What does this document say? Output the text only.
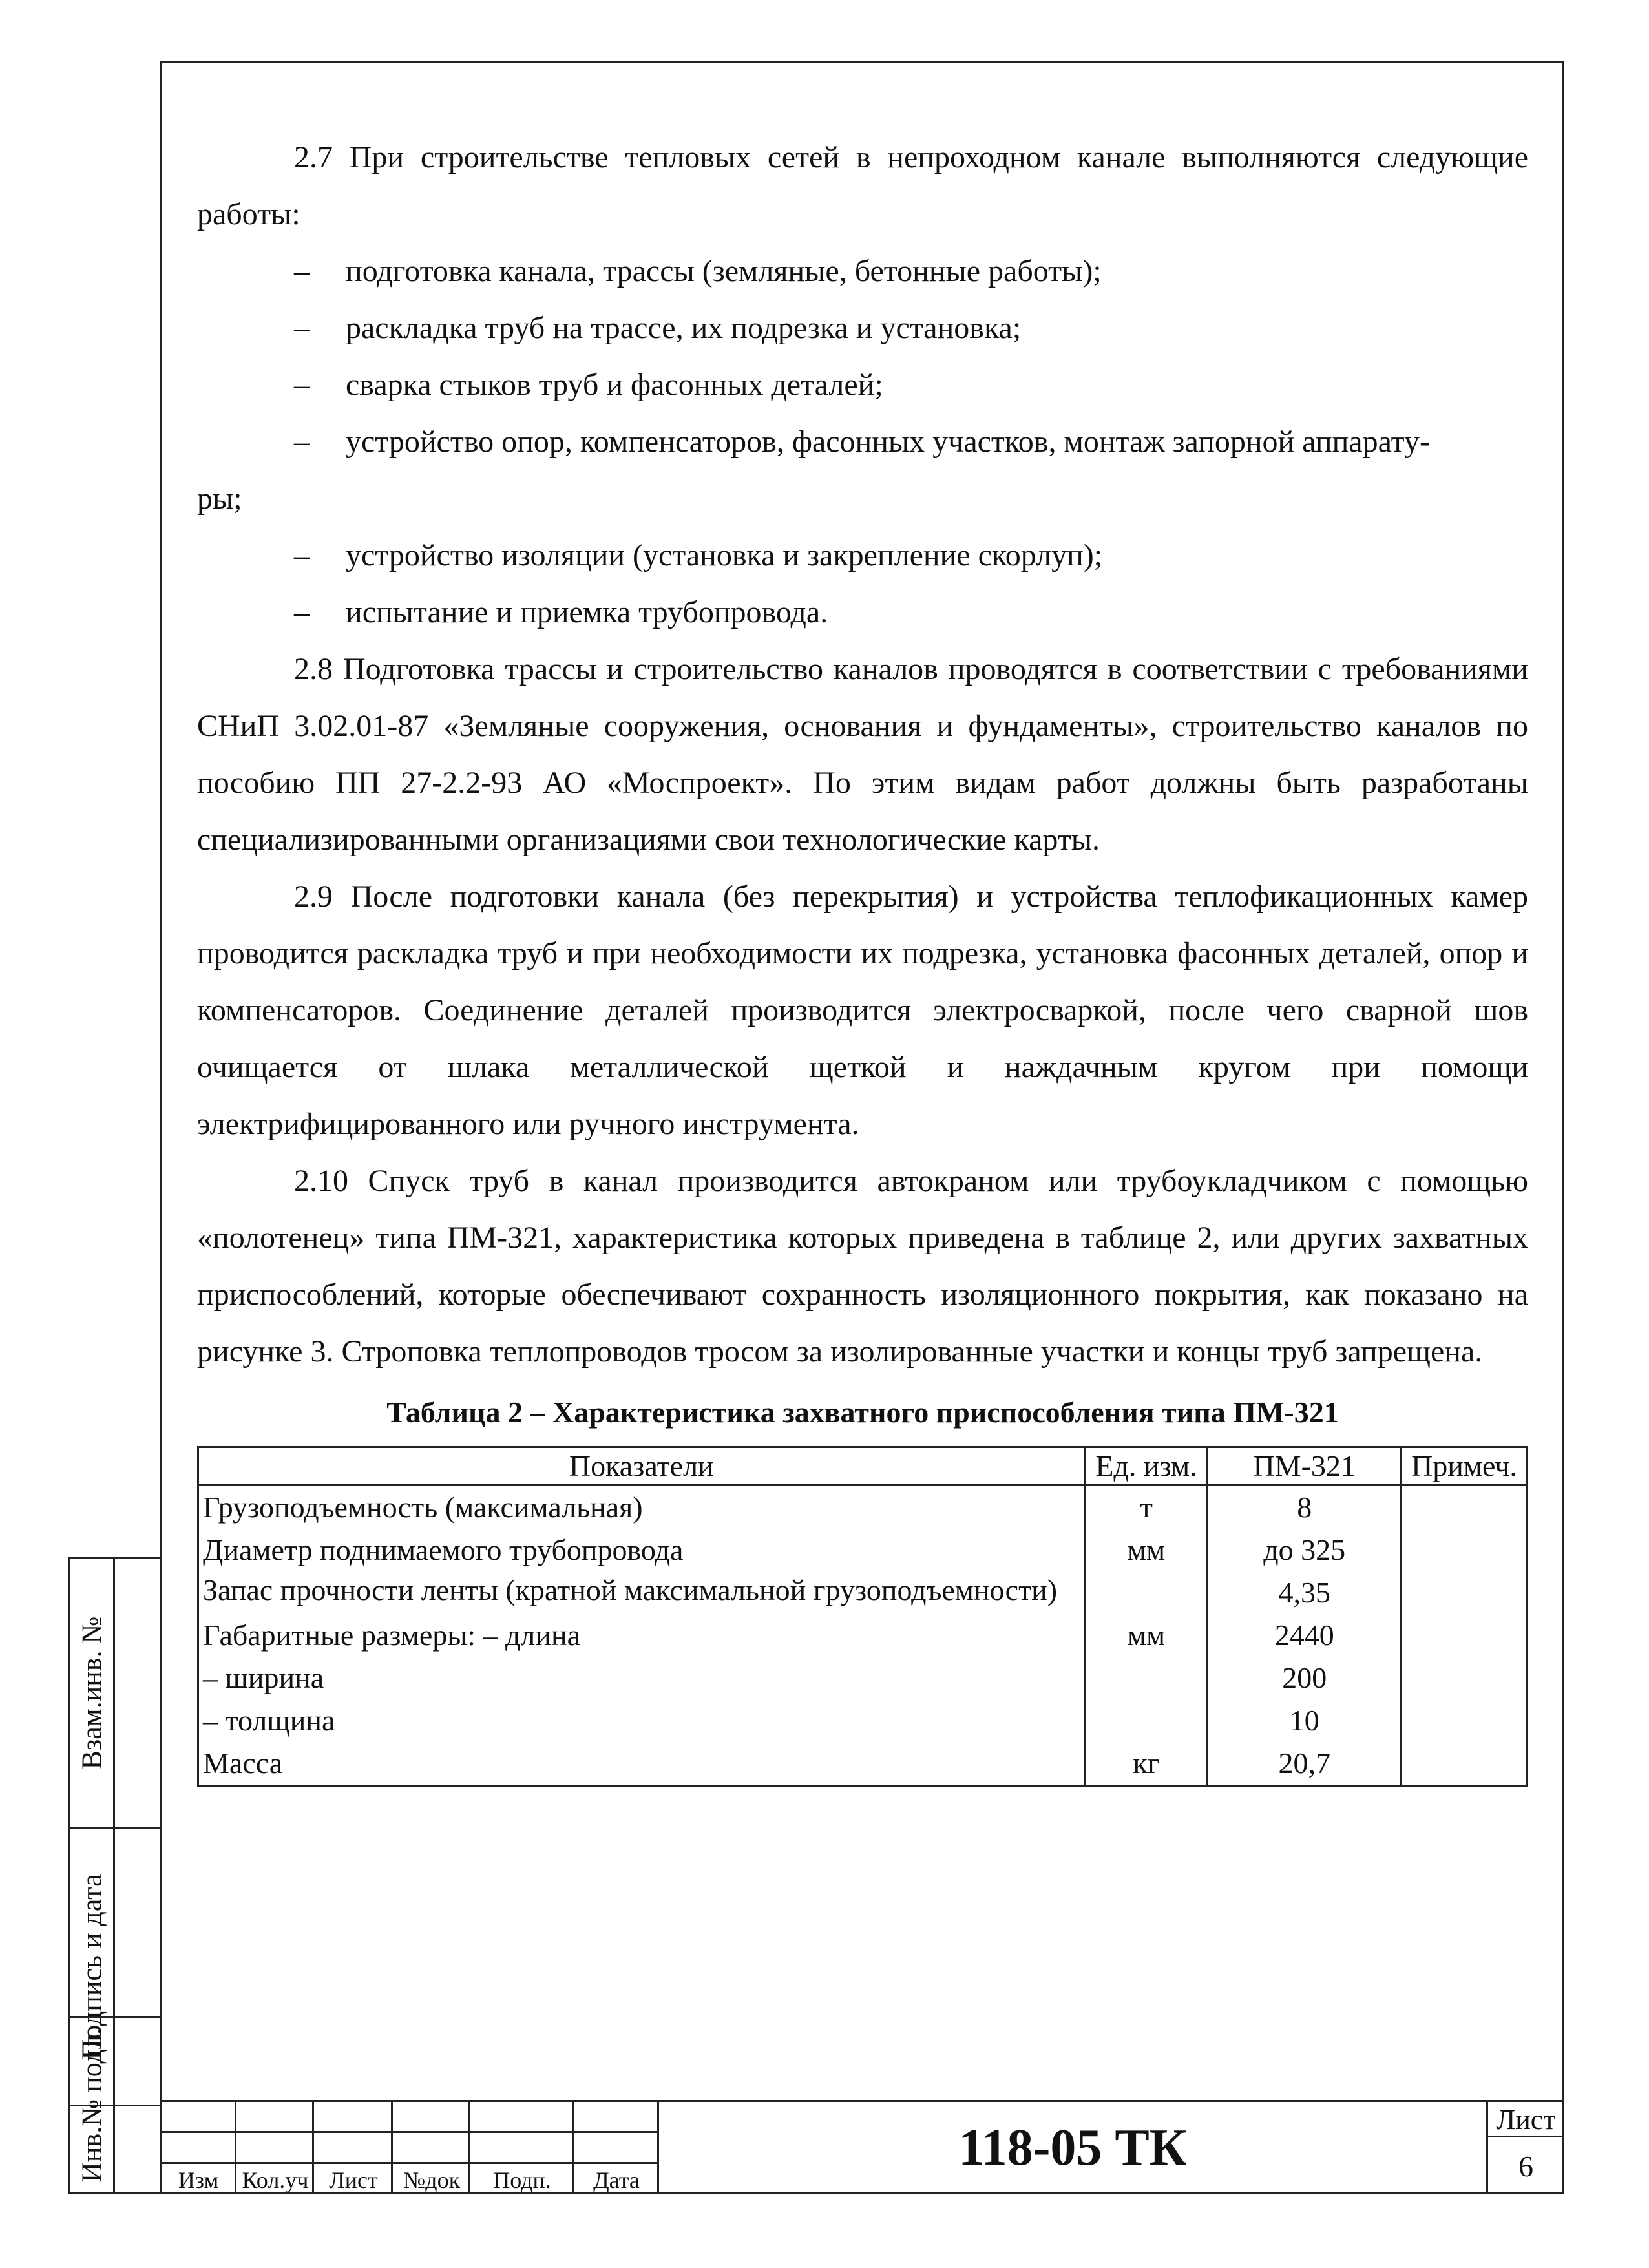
2.7 При строительстве тепловых сетей в непроходном канале выполняются следующие работы:

– подготовка канала, трассы (земляные, бетонные работы);

– раскладка труб на трассе, их подрезка и установка;

– сварка стыков труб и фасонных деталей;

– устройство опор, компенсаторов, фасонных участков, монтаж запорной аппарату-

ры;

– устройство изоляции (установка и закрепление скорлуп);

– испытание и приемка трубопровода.

2.8 Подготовка трассы и строительство каналов проводятся в соответствии с требованиями СНиП 3.02.01-87 «Земляные сооружения, основания и фундаменты», строительство каналов по пособию ПП 27-2.2-93 АО «Моспроект». По этим видам работ должны быть разработаны специализированными организациями свои технологические карты.

2.9 После подготовки канала (без перекрытия) и устройства теплофикационных камер проводится раскладка труб и при необходимости их подрезка, установка фасонных деталей, опор и компенсаторов. Соединение деталей производится электросваркой, после чего сварной шов очищается от шлака металлической щеткой и наждачным кругом при помощи электрифицированного или ручного инструмента.

2.10 Спуск труб в канал производится автокраном или трубоукладчиком с помощью «полотенец» типа ПМ-321, характеристика которых приведена в таблице 2, или других захватных приспособлений, которые обеспечивают сохранность изоляционного покрытия, как показано на рисунке 3. Строповка теплопроводов тросом за изолированные участки и концы труб запрещена.

Таблица 2 – Характеристика захватного приспособления типа ПМ-321
Показатели	Ед. изм.	ПМ-321	Примеч.
Грузоподъемность (максимальная)	т	8	
Диаметр поднимаемого трубопровода	мм	до 325	
Запас прочности ленты (кратной максимальной грузоподъемности)		4,35	
Габаритные размеры: – длина	мм	2440	
– ширина		200	
– толщина		10	
Масса	кг	20,7	
Взам.инв. №
Подпись и дата
Инв.№ подл.	Изм	Кол.уч Лист	№док	Подп.	Дата
118-05 ТК	Лист
6
